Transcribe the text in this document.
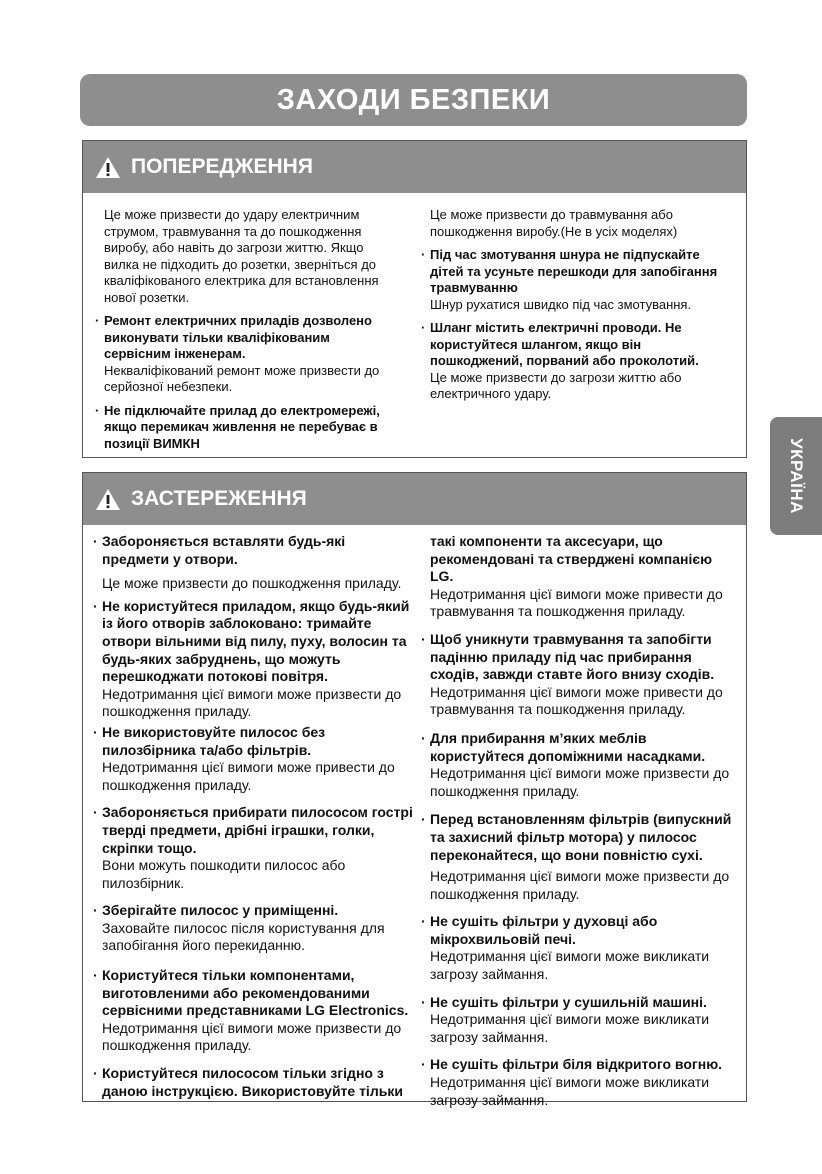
ЗАХОДИ БЕЗПЕКИ
ПОПЕРЕДЖЕННЯ
Це може призвести до удару електричним струмом, травмування та до пошкодження виробу, або навіть до загрози життю. Якщо вилка не підходить до розетки, зверніться до кваліфікованого електрика для встановлення нової розетки.
· Ремонт електричних приладів дозволено виконувати тільки кваліфікованим сервісним інженерам.
Некваліфікований ремонт може призвести до серйозної небезпеки.
· Не підключайте прилад до електромережі, якщо перемикач живлення не перебуває в позиції ВИМКН
Це може призвести до травмування або пошкодження виробу.(Не в усіх моделях)
· Під час змотування шнура не підпускайте дітей та усуньте перешкоди для запобігання травмуванню
Шнур рухатися швидко під час змотування.
· Шланг містить електричні проводи. Не користуйтеся шлангом, якщо він пошкоджений, порваний або проколотий.
Це може призвести до загрози життю або електричного удару.
ЗАСТЕРЕЖЕННЯ
· Забороняється вставляти будь-які предмети у отвори.
Це може призвести до пошкодження приладу.
· Не користуйтеся приладом, якщо будь-який із його отворів заблоковано: тримайте отвори вільними від пилу, пуху, волосин та будь-яких забруднень, що можуть перешкоджати потокові повітря.
Недотримання цієї вимоги може призвести до пошкодження приладу.
· Не використовуйте пилосос без пилозбірника та/або фільтрів.
Недотримання цієї вимоги може привести до пошкодження приладу.
· Забороняється прибирати пилососом гострі тверді предмети, дрібні іграшки, голки, скріпки тощо.
Вони можуть пошкодити пилосос або пилозбірник.
· Зберігайте пилосос у приміщенні.
Заховайте пилосос після користування для запобігання його перекиданню.
· Користуйтеся тільки компонентами, виготовленими або рекомендованими сервісними представниками LG Electronics.
Недотримання цієї вимоги може призвести до пошкодження приладу.
· Користуйтеся пилососом тільки згідно з даною інструкцією. Використовуйте тільки
такі компоненти та аксесуари, що рекомендовані та стверджені компанією LG.
Недотримання цієї вимоги може привести до травмування та пошкодження приладу.
· Щоб уникнути травмування та запобігти падінню приладу під час прибирання сходів, завжди ставте його внизу сходів.
Недотримання цієї вимоги може привести до травмування та пошкодження приладу.
· Для прибирання м’яких меблів користуйтеся допоміжними насадками.
Недотримання цієї вимоги може призвести до пошкодження приладу.
· Перед встановленням фільтрів (випускний та захисний фільтр мотора) у пилосос переконайтеся, що вони повністю сухі.
Недотримання цієї вимоги може призвести до пошкодження приладу.
· Не сушіть фільтри у духовці або мікрохвильовій печі.
Недотримання цієї вимоги може викликати загрозу займання.
· Не сушіть фільтри у сушильній машині.
Недотримання цієї вимоги може викликати загрозу займання.
· Не сушіть фільтри біля відкритого вогню.
Недотримання цієї вимоги може викликати загрозу займання.
УКРАЇНА
